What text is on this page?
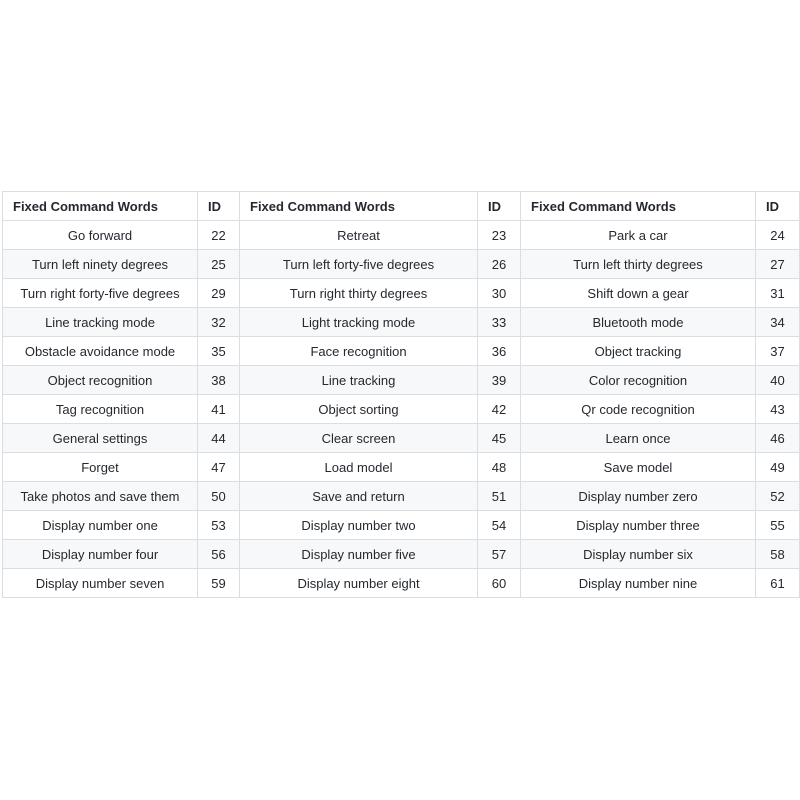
Fixed Command Words	ID	Fixed Command Words	ID	Fixed Command Words	ID
Go forward	22	Retreat	23	Park a car	24
Turn left ninety degrees	25	Turn left forty-five degrees	26	Turn left thirty degrees	27
Turn right forty-five degrees	29	Turn right thirty degrees	30	Shift down a gear	31
Line tracking mode	32	Light tracking mode	33	Bluetooth mode	34
Obstacle avoidance mode	35	Face recognition	36	Object tracking	37
Object recognition	38	Line tracking	39	Color recognition	40
Tag recognition	41	Object sorting	42	Qr code recognition	43
General settings	44	Clear screen	45	Learn once	46
Forget	47	Load model	48	Save model	49
Take photos and save them	50	Save and return	51	Display number zero	52
Display number one	53	Display number two	54	Display number three	55
Display number four	56	Display number five	57	Display number six	58
Display number seven	59	Display number eight	60	Display number nine	61
